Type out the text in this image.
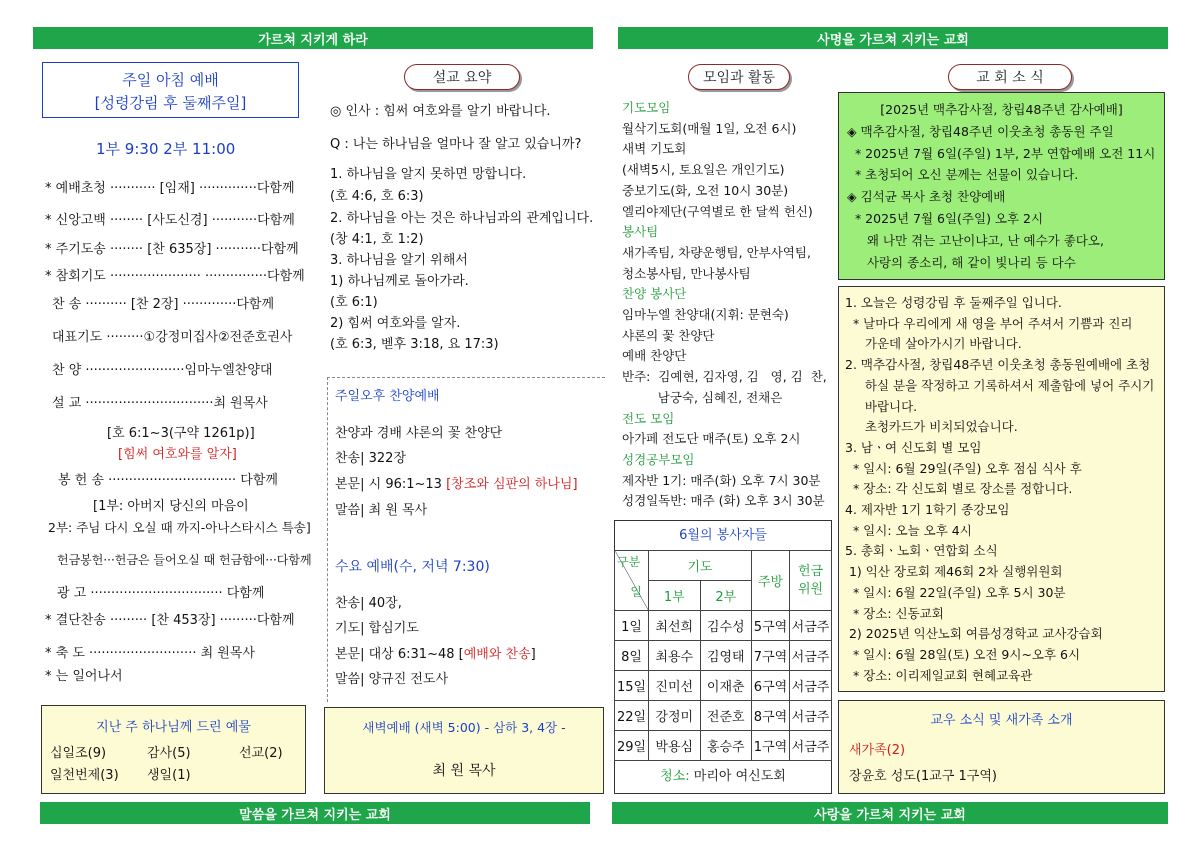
가르쳐 지키게 하라	사명을 가르쳐 지키는 교회
말씀을 가르쳐 지키는 교회	사랑을 가르쳐 지키는 교회
주일 아침 예배
[성령강림 후 둘째주일]
1부 9:30 2부 11:00
* 예배초청 ··········· [임재] ··············다함께
* 신앙고백 ········ [사도신경] ···········다함께
* 주기도송 ········ [찬 635장] ···········다함께
* 참회기도 ······················ ···············다함께
찬 송 ·········· [찬 2장] ·············다함께
대표기도 ·········①강정미집사②전준호권사
찬 양 ························임마누엘찬양대
설 교 ·······························최 원목사
[호 6:1~3(구약 1261p)]
[힘써 여호와를 알자]
봉 헌 송 ······························· 다함께
[1부: 아버지 당신의 마음이
2부: 주님 다시 오실 때 까지-아나스타시스 특송]
헌금봉헌···헌금은 들어오실 때 헌금함에···다함께
광 고 ································ 다함께
* 결단찬송 ········· [찬 453장] ·········다함께
* 축 도 ·························· 최 원목사
* 는 일어나서
지난 주 하나님께 드린 예물
십일조(9)	감사(5)	선교(2)
일천번제(3) 생일(1)
설교 요약
◎ 인사 : 힘써 여호와를 알기 바랍니다.
Q : 나는 하나님을 얼마나 잘 알고 있습니까?
1. 하나님을 알지 못하면 망합니다.
(호 4:6, 호 6:3)
2. 하나님을 아는 것은 하나님과의 관계입니다.
(창 4:1, 호 1:2)
3. 하나님을 알기 위해서
1) 하나님께로 돌아가라.
(호 6:1)
2) 힘써 여호와를 알자.
(호 6:3, 벧후 3:18, 요 17:3)
주일오후 찬양예배
찬양과 경배 샤론의 꽃 찬양단
찬송| 322장
본문| 시 96:1~13 [창조와 심판의 하나님]
말씀| 최 원 목사
수요 예배(수, 저녁 7:30)
찬송| 40장,
기도| 합심기도
본문| 대상 6:31~48 [예배와 찬송]
말씀| 양규진 전도사
새벽예배 (새벽 5:00) - 삼하 3, 4장 -
최 원 목사
모임과 활동
기도모임
월삭기도회(매월 1일, 오전 6시)
새벽 기도회
(새벽5시, 토요일은 개인기도)
중보기도(화, 오전 10시 30분)
엘리야제단(구역별로 한 달씩 헌신)
봉사팀
새가족팀, 차량운행팀, 안부사역팀,
청소봉사팀, 만나봉사팀
찬양 봉사단
임마누엘 찬양대(지휘: 문현숙)
샤론의 꽃 찬양단
예배 찬양단
반주:  김예현, 김자영, 김   영, 김  찬,
남궁숙, 심혜진, 전채은
전도 모임
아가페 전도단 매주(토) 오후 2시
성경공부모임
제자반 1기: 매주(화) 오후 7시 30분
성경일독반: 매주 (화) 오후 3시 30분
6월의 봉사자들
구분
일	기도		주방	헌금
위원
	1부	2부		
1일	최선희	김수성	5구역	서금주
8일	최용수	김영태	7구역	서금주
15일	진미선	이재춘	6구역	서금주
22일	강정미	전준호	8구역	서금주
29일	박용심	홍승주	1구역	서금주
청소: 마리아 여신도회
교 회 소 식
[2025년 맥추감사절, 창립48주년 감사예배]
◈ 맥추감사절, 창립48주년 이웃초청 총동원 주일
* 2025년 7월 6일(주일) 1부, 2부 연합예배 오전 11시
* 초청되어 오신 분께는 선물이 있습니다.
◈ 김석균 목사 초청 찬양예배
* 2025년 7월 6일(주일) 오후 2시
왜 나만 겪는 고난이냐고, 난 예수가 좋다오,
사랑의 종소리, 해 같이 빛나리 등 다수
1. 오늘은 성령강림 후 둘째주일 입니다.
* 날마다 우리에게 새 영을 부어 주셔서 기쁨과 진리
가운데 살아가시기 바랍니다.
2. 맥추감사절, 창립48주년 이웃초청 총동원예배에 초청
하실 분을 작정하고 기록하셔서 제출함에 넣어 주시기
바랍니다.
초청카드가 비치되었습니다.
3. 남ㆍ여 신도회 별 모임
* 일시: 6월 29일(주일) 오후 점심 식사 후
* 장소: 각 신도회 별로 장소를 정합니다.
4. 제자반 1기 1학기 종강모임
* 일시: 오늘 오후 4시
5. 총회ㆍ노회ㆍ연합회 소식
1) 익산 장로회 제46회 2차 실행위원회
* 일시: 6월 22일(주일) 오후 5시 30분
* 장소: 신동교회
2) 2025년 익산노회 여름성경학교 교사강습회
* 일시: 6월 28일(토) 오전 9시~오후 6시
* 장소: 이리제일교회 현혜교육관
교우 소식 및 새가족 소개
새가족(2)
장윤호 성도(1교구 1구역)
